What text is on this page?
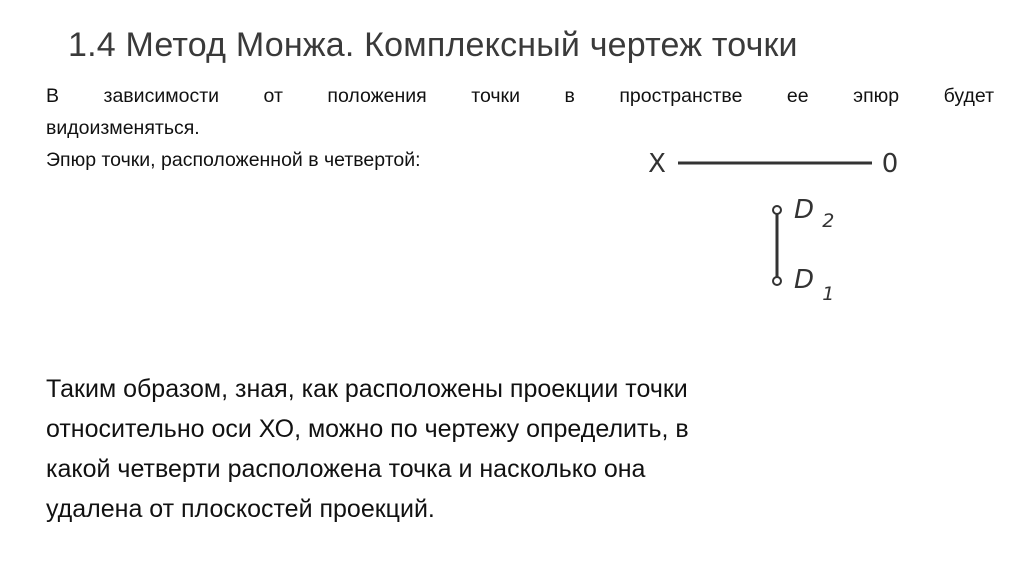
1.4 Метод Монжа. Комплексный чертеж точки
В зависимости от положения точки в пространстве ее эпюр будет
видоизменяться.
Эпюр точки, расположенной в четвертой:	X	0
D $_2$
D $_1$
Таким образом, зная, как расположены проекции точки
относительно оси ХО, можно по чертежу определить, в
какой четверти расположена точка и насколько она
удалена от плоскостей проекций.
